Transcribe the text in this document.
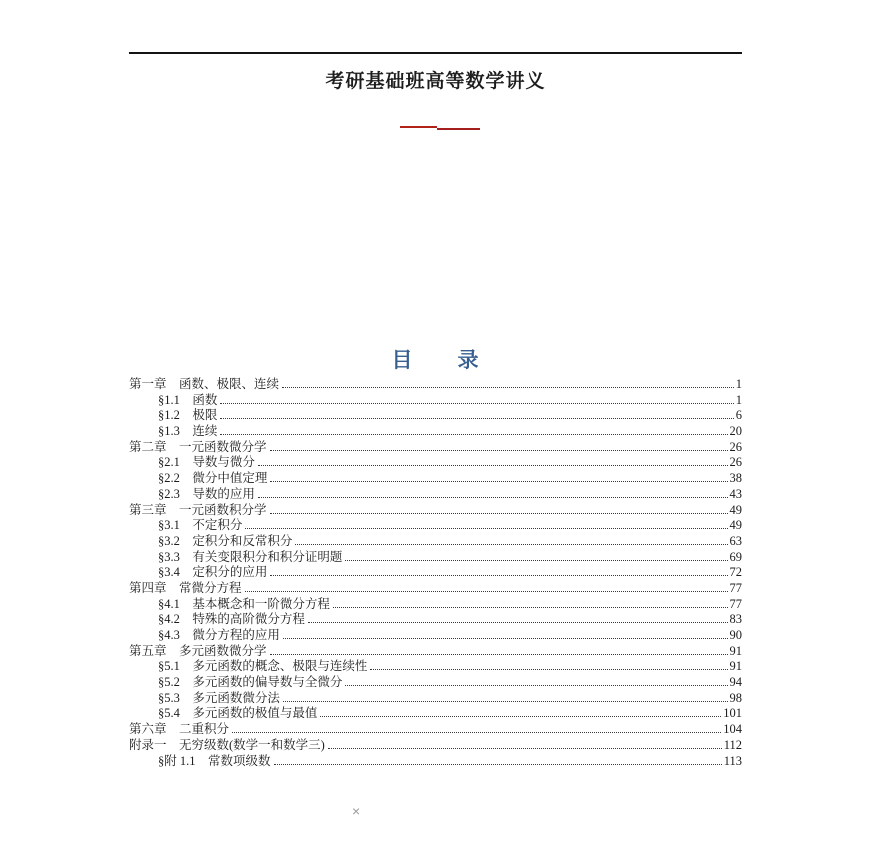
考研基础班高等数学讲义
目　　录
第一章　函数、极限、连续	1
§1.1　函数	1
§1.2　极限	6
§1.3　连续	20
第二章　一元函数微分学	26
§2.1　导数与微分	26
§2.2　微分中值定理	38
§2.3　导数的应用	43
第三章　一元函数积分学	49
§3.1　不定积分	49
§3.2　定积分和反常积分	63
§3.3　有关变限积分和积分证明题	69
§3.4　定积分的应用	72
第四章　常微分方程	77
§4.1　基本概念和一阶微分方程	77
§4.2　特殊的高阶微分方程	83
§4.3　微分方程的应用	90
第五章　多元函数微分学	91
§5.1　多元函数的概念、极限与连续性	91
§5.2　多元函数的偏导数与全微分	94
§5.3　多元函数微分法	98
§5.4　多元函数的极值与最值	101
第六章　二重积分	104
附录一　无穷级数(数学一和数学三)	112
§附 1.1　常数项级数	113
×
